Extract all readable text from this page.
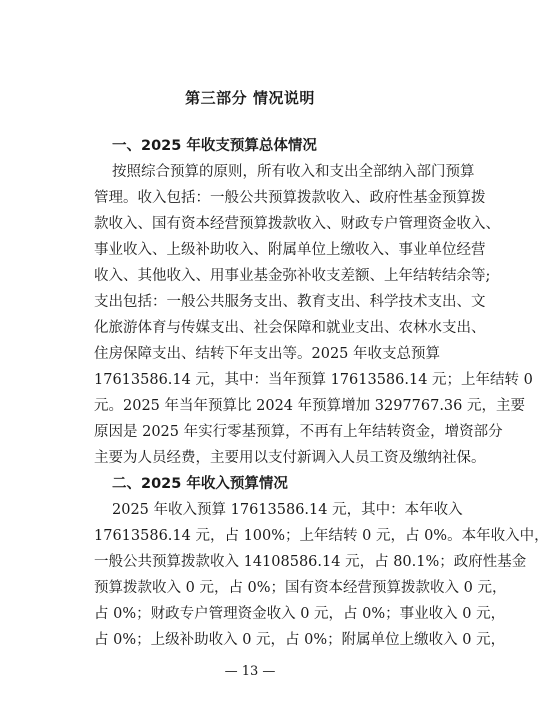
第三部分 情况说明
一、2025 年收支预算总体情况
按照综合预算的原则，所有收入和支出全部纳入部门预算
管理。收入包括：一般公共预算拨款收入、政府性基金预算拨
款收入、国有资本经营预算拨款收入、财政专户管理资金收入、
事业收入、上级补助收入、附属单位上缴收入、事业单位经营
收入、其他收入、用事业基金弥补收支差额、上年结转结余等;
支出包括：一般公共服务支出、教育支出、科学技术支出、文
化旅游体育与传媒支出、社会保障和就业支出、农林水支出、
住房保障支出、结转下年支出等。2025 年收支总预算
17613586.14 元，其中：当年预算 17613586.14 元；上年结转 0
元。2025 年当年预算比 2024 年预算增加 3297767.36 元，主要
原因是 2025 年实行零基预算，不再有上年结转资金，增资部分
主要为人员经费，主要用以支付新调入人员工资及缴纳社保。
二、2025 年收入预算情况
2025 年收入预算 17613586.14 元，其中：本年收入
17613586.14 元，占 100%；上年结转 0 元，占 0%。本年收入中，
一般公共预算拨款收入 14108586.14 元，占 80.1%；政府性基金
预算拨款收入 0 元，占 0%；国有资本经营预算拨款收入 0 元，
占 0%；财政专户管理资金收入 0 元，占 0%；事业收入 0 元，
占 0%；上级补助收入 0 元，占 0%；附属单位上缴收入 0 元，
— 13 —
